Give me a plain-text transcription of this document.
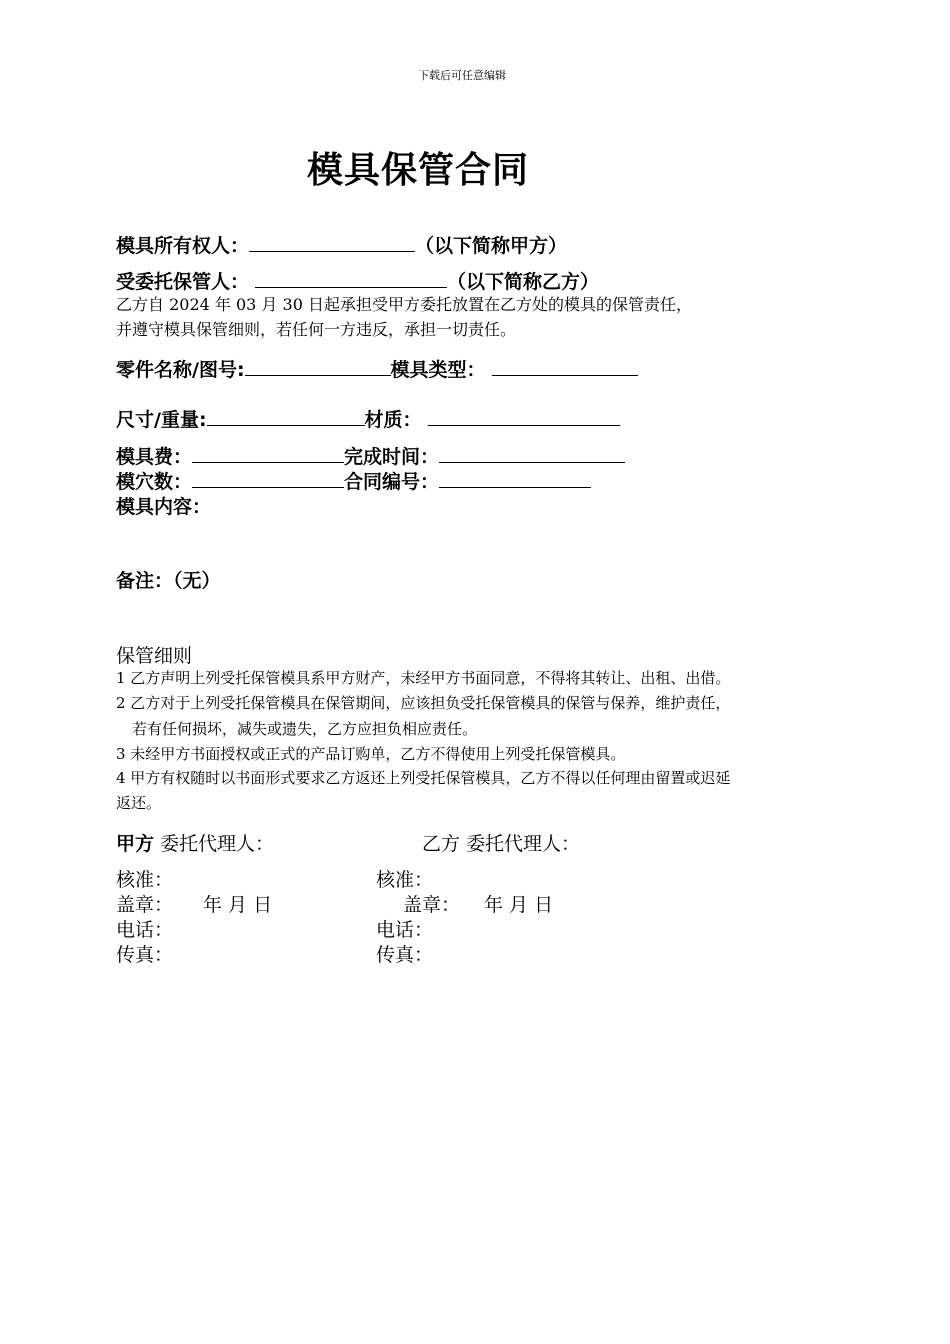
下载后可任意编辑
模具保管合同
模具所有权人：	（以下简称甲方）
受委托保管人：	（以下简称乙方）
乙方自 2024 年 03 月 30 日起承担受甲方委托放置在乙方处的模具的保管责任，
并遵守模具保管细则，若任何一方违反，承担一切责任。
零件名称/图号:	模具类型：
尺寸/重量:	材质：
模具费：	完成时间：
模穴数：	合同编号：
模具内容：
备注：（无）
保管细则
1 乙方声明上列受托保管模具系甲方财产，未经甲方书面同意，不得将其转让、出租、出借。
2 乙方对于上列受托保管模具在保管期间，应该担负受托保管模具的保管与保养，维护责任，
若有任何损坏，减失或遗失，乙方应担负相应责任。
3 未经甲方书面授权或正式的产品订购单，乙方不得使用上列受托保管模具。
4 甲方有权随时以书面形式要求乙方返还上列受托保管模具，乙方不得以任何理由留置或迟延
返还。
甲方 委托代理人：	乙方 委托代理人：
核准：	核准：
盖章： 年 月 日	盖章： 年 月 日
电话：	电话：
传真：	传真：
